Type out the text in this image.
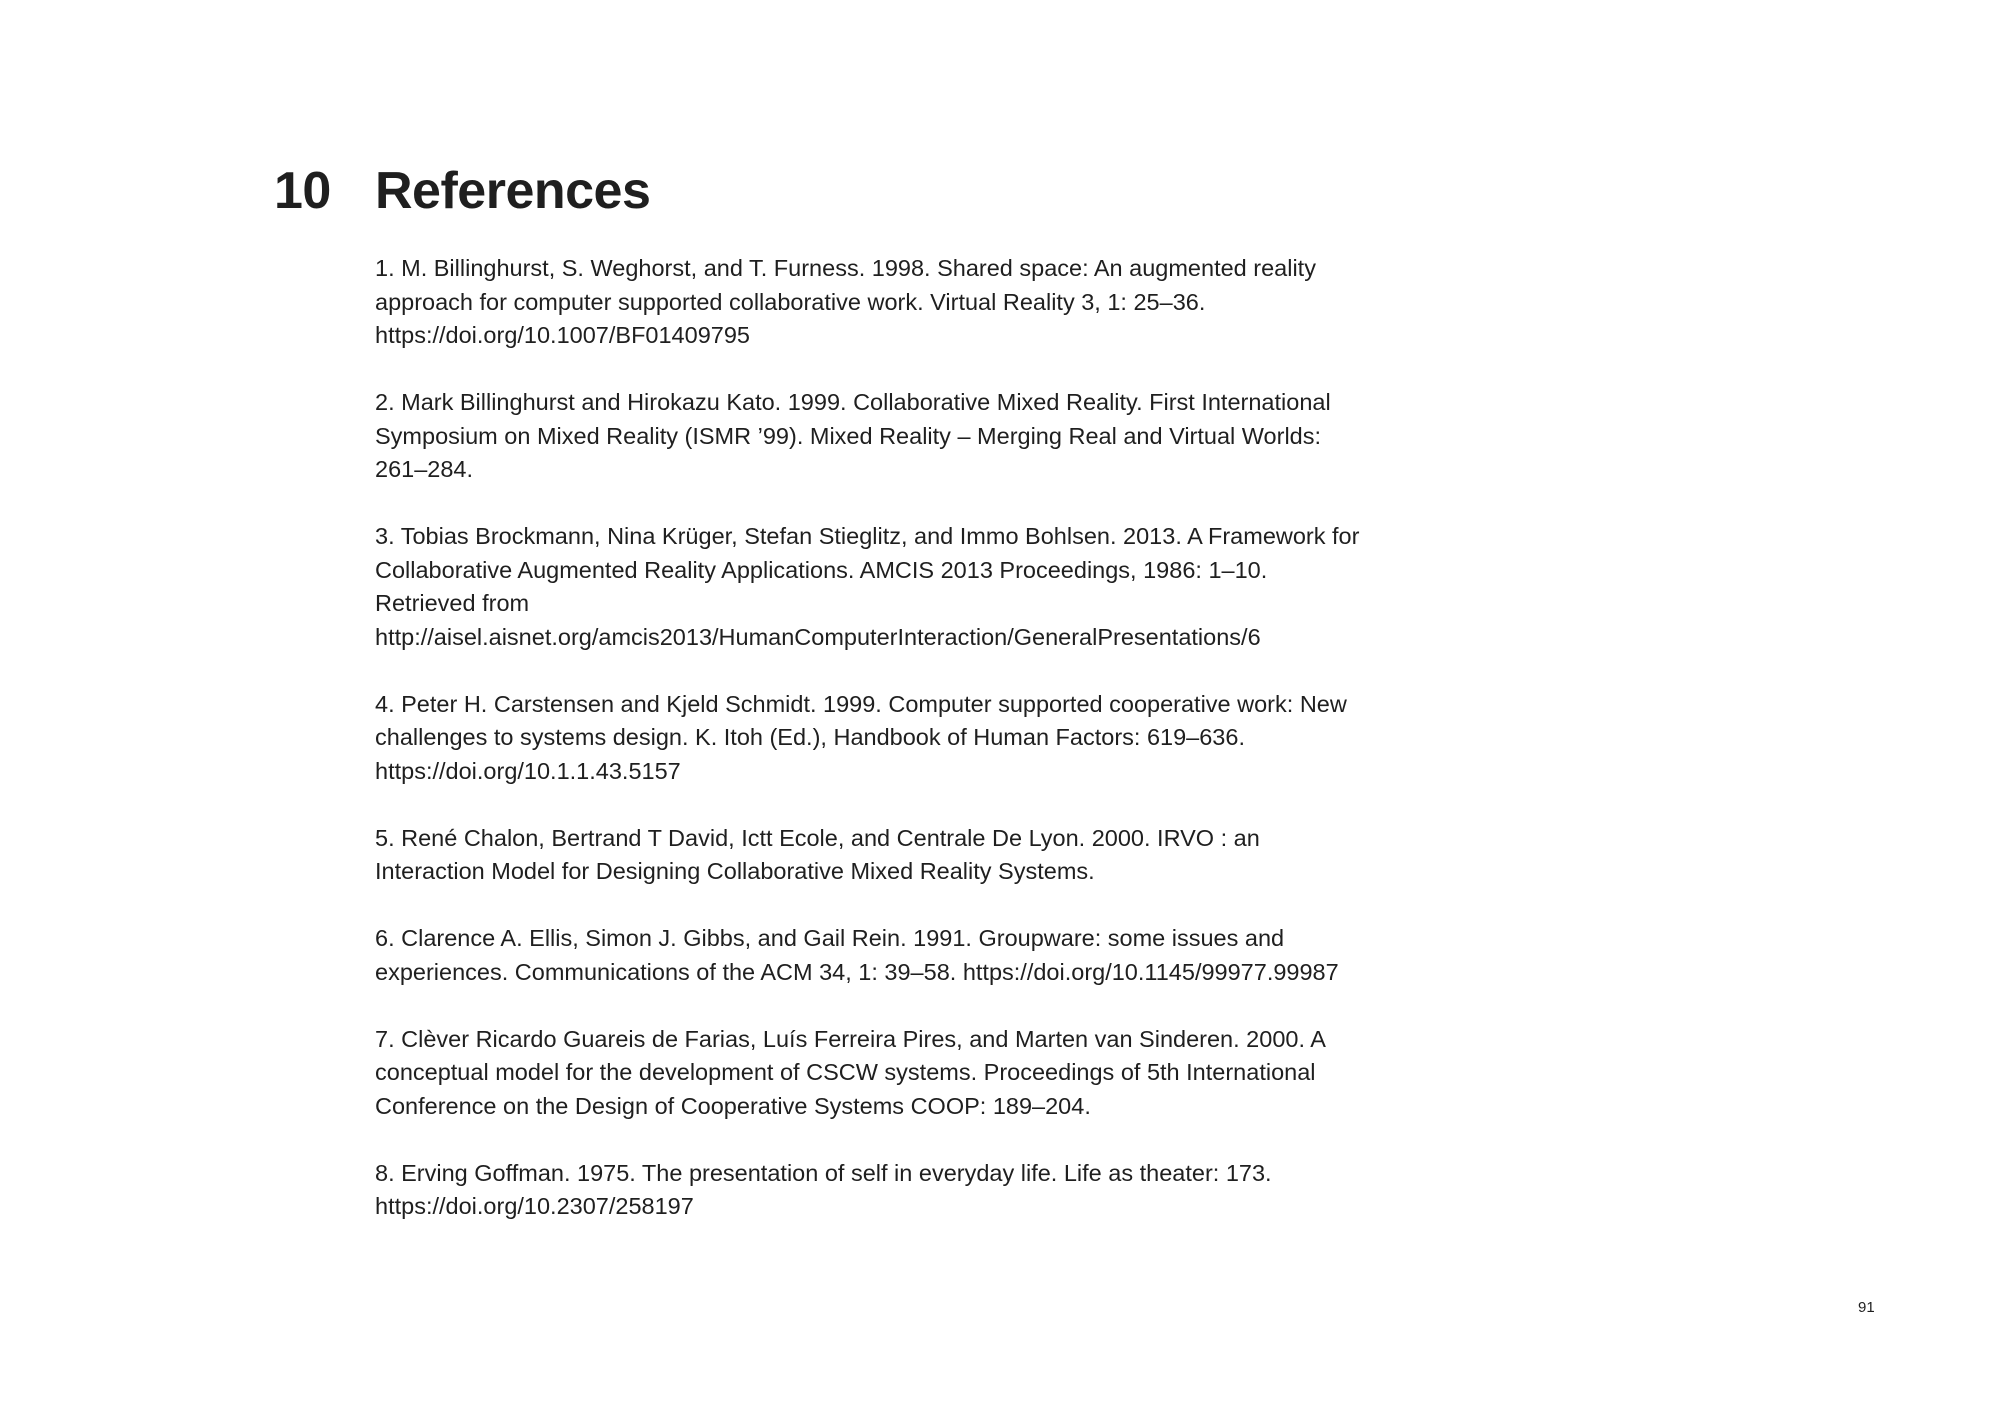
10 References
1. M. Billinghurst, S. Weghorst, and T. Furness. 1998. Shared space: An augmented reality approach for computer supported collaborative work. Virtual Reality 3, 1: 25–36. https://doi.org/10.1007/BF01409795
2. Mark Billinghurst and Hirokazu Kato. 1999. Collaborative Mixed Reality. First International Symposium on Mixed Reality (ISMR ’99). Mixed Reality – Merging Real and Virtual Worlds: 261–284.
3. Tobias Brockmann, Nina Krüger, Stefan Stieglitz, and Immo Bohlsen. 2013. A Framework for Collaborative Augmented Reality Applications. AMCIS 2013 Proceedings, 1986: 1–10. Retrieved from http://aisel.aisnet.org/amcis2013/HumanComputerInteraction/GeneralPresentations/6
4. Peter H. Carstensen and Kjeld Schmidt. 1999. Computer supported cooperative work: New challenges to systems design. K. Itoh (Ed.), Handbook of Human Factors: 619–636. https://doi.org/10.1.1.43.5157
5. René Chalon, Bertrand T David, Ictt Ecole, and Centrale De Lyon. 2000. IRVO : an Interaction Model for Designing Collaborative Mixed Reality Systems.
6. Clarence A. Ellis, Simon J. Gibbs, and Gail Rein. 1991. Groupware: some issues and experiences. Communications of the ACM 34, 1: 39–58. https://doi.org/10.1145/99977.99987
7. Clèver Ricardo Guareis de Farias, Luís Ferreira Pires, and Marten van Sinderen. 2000. A conceptual model for the development of CSCW systems. Proceedings of 5th International Conference on the Design of Cooperative Systems COOP: 189–204.
8. Erving Goffman. 1975. The presentation of self in everyday life. Life as theater: 173. https://doi.org/10.2307/258197
91
